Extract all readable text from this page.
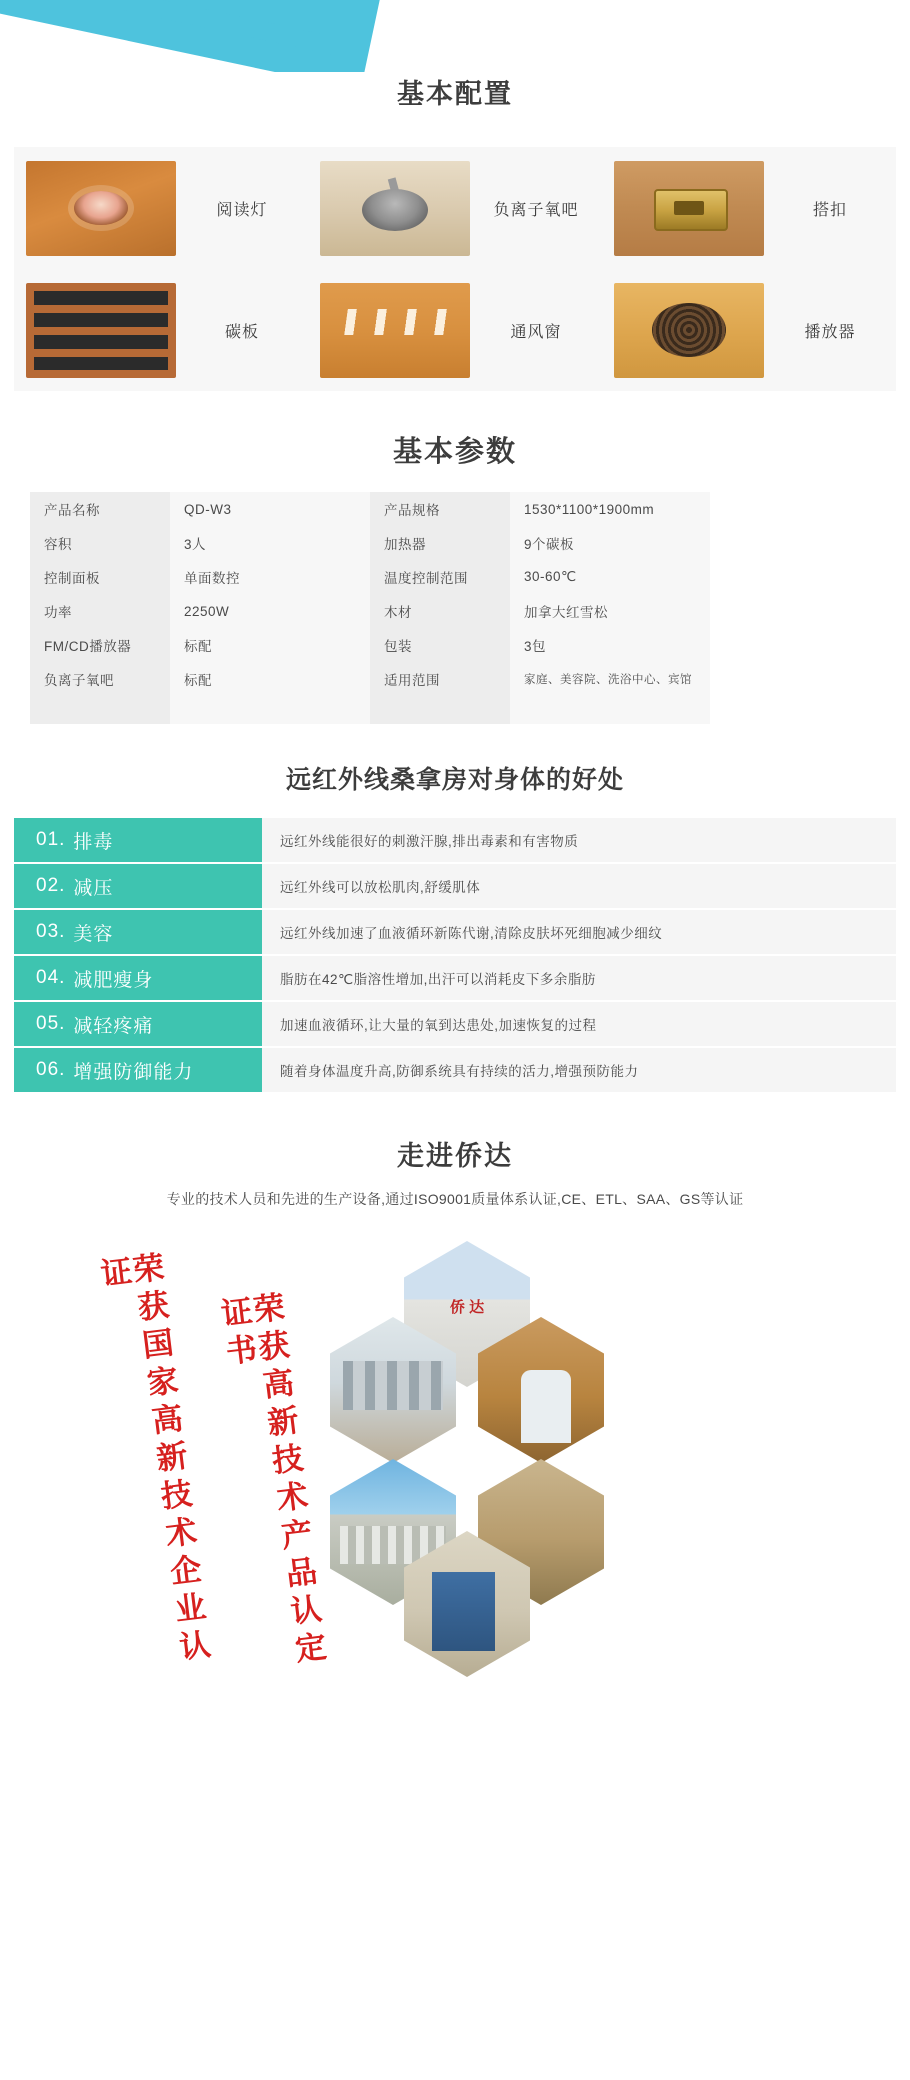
基本配置
阅读灯	负离子氧吧	搭扣
碳板	通风窗	播放器
基本参数
产品名称	QD-W3	产品规格	1530*1100*1900mm
容积	3人	加热器	9个碳板
控制面板	单面数控	温度控制范围	30-60℃
功率	2250W	木材	加拿大红雪松
FM/CD播放器	标配	包装	3包
负离子氧吧	标配	适用范围	家庭、美容院、洗浴中心、宾馆
远红外线桑拿房对身体的好处
01. 排毒	远红外线能很好的刺激汗腺,排出毒素和有害物质
02. 减压	远红外线可以放松肌肉,舒缓肌体
03. 美容	远红外线加速了血液循环新陈代谢,清除皮肤坏死细胞减少细纹
04. 减肥瘦身	脂肪在42℃脂溶性增加,出汗可以消耗皮下多余脂肪
05. 减轻疼痛	加速血液循环,让大量的氧到达患处,加速恢复的过程
06. 增强防御能力	随着身体温度升高,防御系统具有持续的活力,增强预防能力
走进侨达
专业的技术人员和先进的生产设备,通过ISO9001质量体系认证,CE、ETL、SAA、GS等认证
荣获国家高新技术企业认证
荣获高新技术产品认定证书
侨 达
